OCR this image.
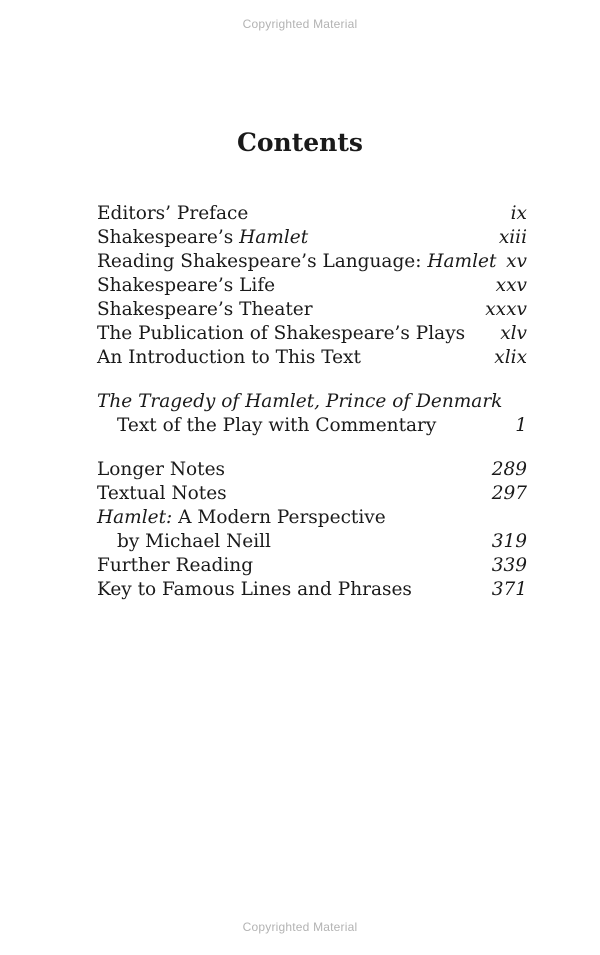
Copyrighted Material
Contents
Editors’ Preface	ix
Shakespeare’s Hamlet	xiii
Reading Shakespeare’s Language: Hamlet xv
Shakespeare’s Life	xxv
Shakespeare’s Theater	xxxv
The Publication of Shakespeare’s Plays	xlv
An Introduction to This Text	xlix
The Tragedy of Hamlet, Prince of Denmark
Text of the Play with Commentary	1
Longer Notes	289
Textual Notes	297
Hamlet: A Modern Perspective
by Michael Neill	319
Further Reading	339
Key to Famous Lines and Phrases	371
Copyrighted Material
